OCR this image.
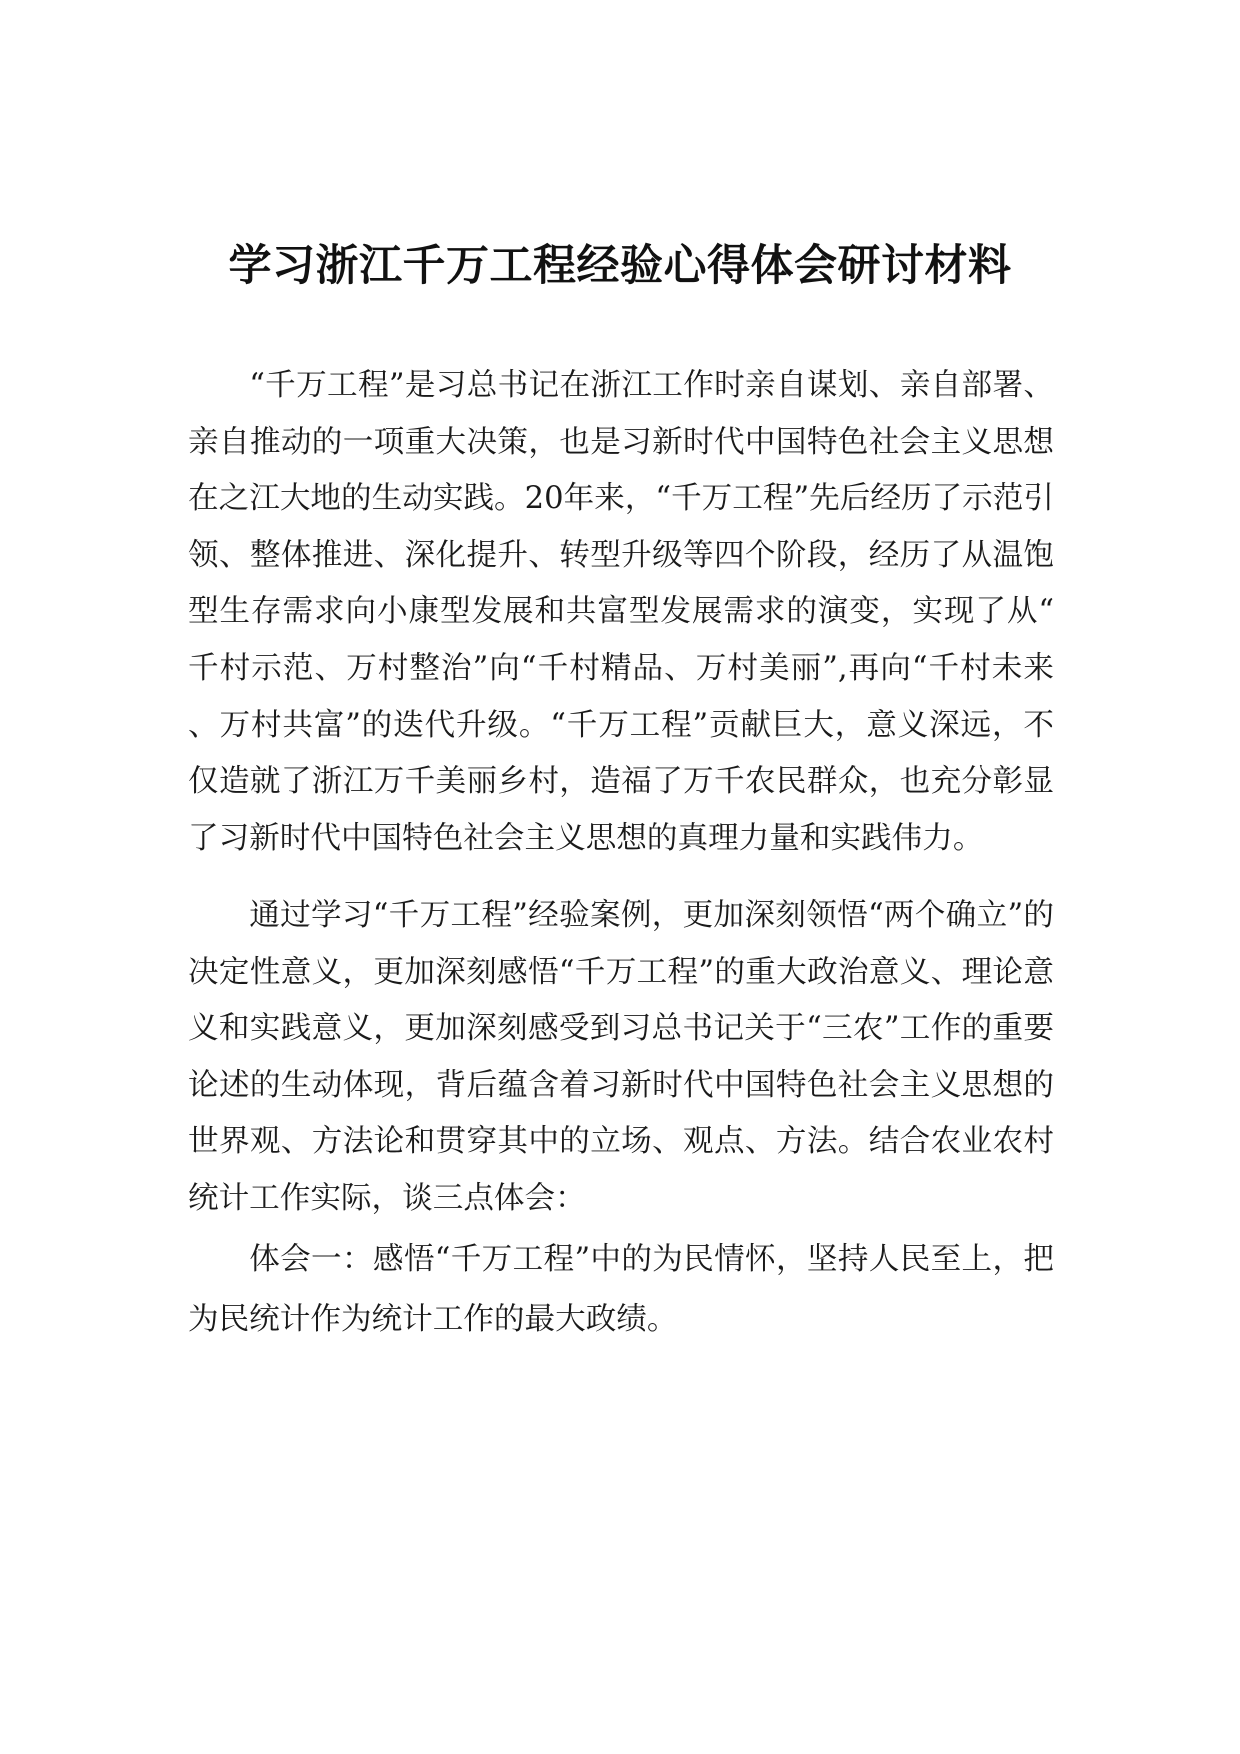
学习浙江千万工程经验心得体会研讨材料

“千万工程”是习总书记在浙江工作时亲自谋划、亲自部署、亲自推动的一项重大决策，也是习新时代中国特色社会主义思想在之江大地的生动实践。20年来，“千万工程”先后经历了示范引领、整体推进、深化提升、转型升级等四个阶段，经历了从温饱型生存需求向小康型发展和共富型发展需求的演变，实现了从“千村示范、万村整治”向“千村精品、万村美丽”,再向“千村未来、万村共富”的迭代升级。“千万工程”贡献巨大，意义深远，不仅造就了浙江万千美丽乡村，造福了万千农民群众，也充分彰显了习新时代中国特色社会主义思想的真理力量和实践伟力。

通过学习“千万工程”经验案例，更加深刻领悟“两个确立”的决定性意义，更加深刻感悟“千万工程”的重大政治意义、理论意义和实践意义，更加深刻感受到习总书记关于“三农”工作的重要论述的生动体现，背后蕴含着习新时代中国特色社会主义思想的世界观、方法论和贯穿其中的立场、观点、方法。结合农业农村统计工作实际，谈三点体会：

体会一：感悟“千万工程”中的为民情怀，坚持人民至上，把为民统计作为统计工作的最大政绩。
